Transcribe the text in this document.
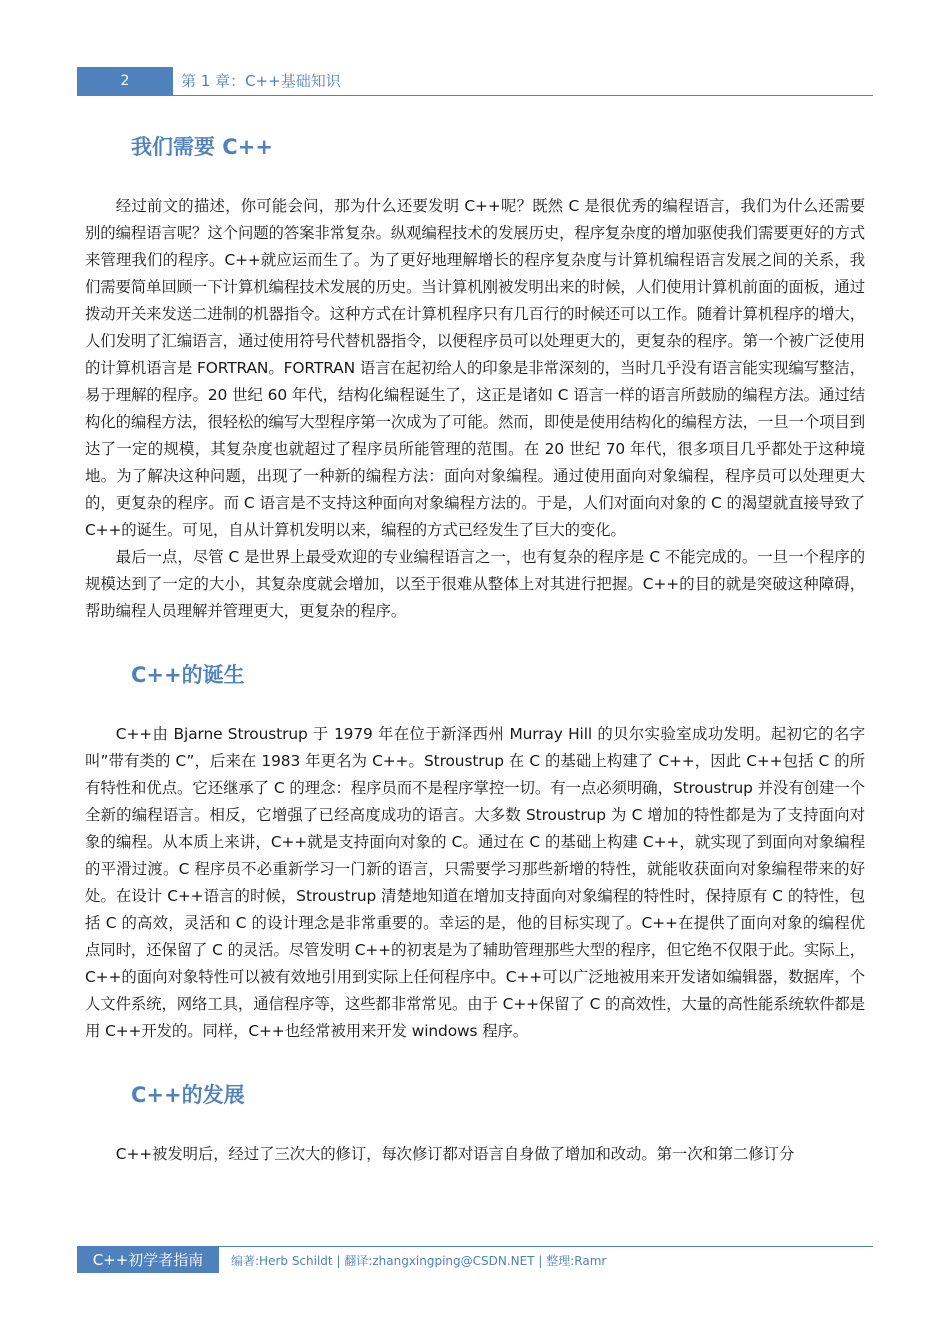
2	第 1 章：C++基础知识
我们需要 C++

经过前文的描述，你可能会问，那为什么还要发明 C++呢？既然 C 是很优秀的编程语言，我们为什么还需要别的编程语言呢？这个问题的答案非常复杂。纵观编程技术的发展历史，程序复杂度的增加驱使我们需要更好的方式来管理我们的程序。C++就应运而生了。为了更好地理解增长的程序复杂度与计算机编程语言发展之间的关系，我们需要简单回顾一下计算机编程技术发展的历史。当计算机刚被发明出来的时候，人们使用计算机前面的面板，通过拨动开关来发送二进制的机器指令。这种方式在计算机程序只有几百行的时候还可以工作。随着计算机程序的增大，人们发明了汇编语言，通过使用符号代替机器指令，以便程序员可以处理更大的，更复杂的程序。第一个被广泛使用的计算机语言是 FORTRAN。FORTRAN 语言在起初给人的印象是非常深刻的，当时几乎没有语言能实现编写整洁，易于理解的程序。20 世纪 60 年代，结构化编程诞生了，这正是诸如 C 语言一样的语言所鼓励的编程方法。通过结构化的编程方法，很轻松的编写大型程序第一次成为了可能。然而，即使是使用结构化的编程方法，一旦一个项目到达了一定的规模，其复杂度也就超过了程序员所能管理的范围。在 20 世纪 70 年代，很多项目几乎都处于这种境地。为了解决这种问题，出现了一种新的编程方法：面向对象编程。通过使用面向对象编程，程序员可以处理更大的，更复杂的程序。而 C 语言是不支持这种面向对象编程方法的。于是，人们对面向对象的 C 的渴望就直接导致了 C++的诞生。可见，自从计算机发明以来，编程的方式已经发生了巨大的变化。

最后一点，尽管 C 是世界上最受欢迎的专业编程语言之一，也有复杂的程序是 C 不能完成的。一旦一个程序的规模达到了一定的大小，其复杂度就会增加，以至于很难从整体上对其进行把握。C++的目的就是突破这种障碍，帮助编程人员理解并管理更大，更复杂的程序。

C++的诞生

C++由 Bjarne Stroustrup 于 1979 年在位于新泽西州 Murray Hill 的贝尔实验室成功发明。起初它的名字叫”带有类的 C”，后来在 1983 年更名为 C++。Stroustrup 在 C 的基础上构建了 C++，因此 C++包括 C 的所有特性和优点。它还继承了 C 的理念：程序员而不是程序掌控一切。有一点必须明确，Stroustrup 并没有创建一个全新的编程语言。相反，它增强了已经高度成功的语言。大多数 Stroustrup 为 C 增加的特性都是为了支持面向对象的编程。从本质上来讲，C++就是支持面向对象的 C。通过在 C 的基础上构建 C++，就实现了到面向对象编程的平滑过渡。C 程序员不必重新学习一门新的语言，只需要学习那些新增的特性，就能收获面向对象编程带来的好处。在设计 C++语言的时候，Stroustrup 清楚地知道在增加支持面向对象编程的特性时，保持原有 C 的特性，包括 C 的高效，灵活和 C 的设计理念是非常重要的。幸运的是，他的目标实现了。C++在提供了面向对象的编程优点同时，还保留了 C 的灵活。尽管发明 C++的初衷是为了辅助管理那些大型的程序，但它绝不仅限于此。实际上，C++的面向对象特性可以被有效地引用到实际上任何程序中。C++可以广泛地被用来开发诸如编辑器，数据库，个人文件系统，网络工具，通信程序等，这些都非常常见。由于 C++保留了 C 的高效性，大量的高性能系统软件都是用 C++开发的。同样，C++也经常被用来开发 windows 程序。

C++的发展

C++被发明后，经过了三次大的修订，每次修订都对语言自身做了增加和改动。第一次和第二修订分

C++初学者指南	编著:Herb Schildt | 翻译:zhangxingping@CSDN.NET | 整理:Ramr
